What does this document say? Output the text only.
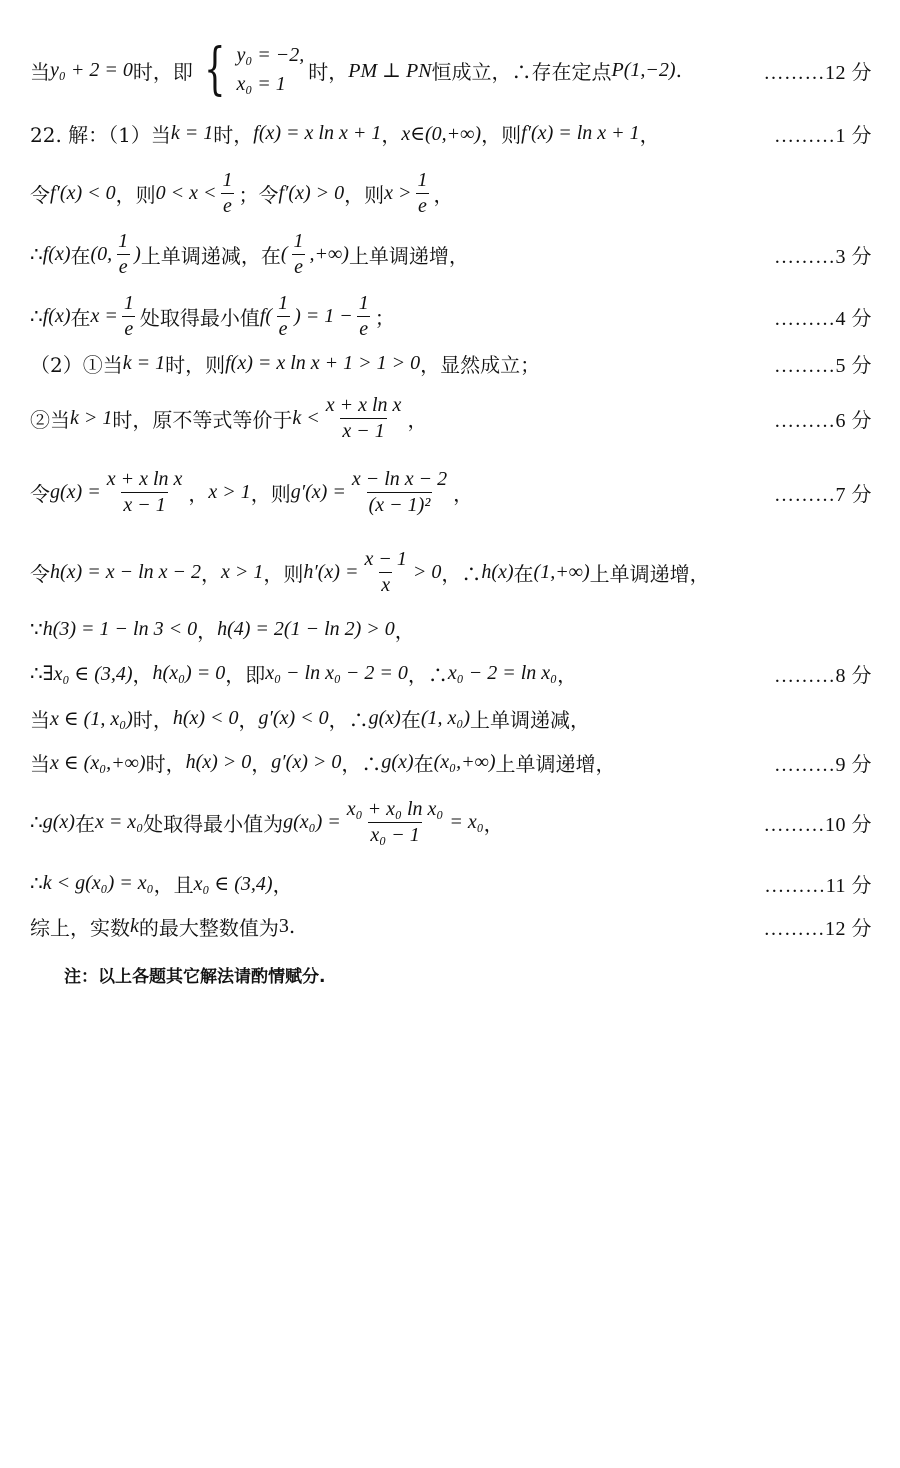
当 y₀ + 2 = 0 时，即 { y₀ = −2,
x₀ = 1
时， PM ⊥ PN 恒成立，∴存在定点 P(1,−2) .	………12 分
22. 解：（1）当 k = 1 时， f(x) = x ln x + 1 ， x∈(0,+∞) ，则 f′(x) = ln x + 1 ，	………1 分
令 f′(x) < 0 ，则 $0 < x < \frac{1}{e}$ ；令 f′(x) > 0 ，则 $x > \frac{1}{e}$ ，
∴ f(x) 在 (0, $\frac{1}{e}$ ) 上单调递减，在 ( $\frac{1}{e}$ ,+∞) 上单调递增，	………3 分
∴ f(x) 在 $x = \frac{1}{e}$ 处取得最小值 $f( \frac{1}{e}$ ) = $1 - \frac{1}{e}$ ；	………4 分
（2）①当 k = 1 时，则 f(x) = x ln x + 1 > 1 > 0 ，显然成立；	………5 分
②当 k > 1 时，原不等式等价于 $k < \frac{\text{x + x ln x}}{x - 1}$ ，	………6 分
令 $g(x) = \frac{\text{x + x ln x}}{x - 1}$ ， x > 1 ，则 $g'(x) = \frac{\text{x − ln x − 2}}{\text{(x − 1)²}}$ ，	………7 分
令 h(x) = x − ln x − 2 ， x > 1 ，则 $h'(x) = \frac{x - 1}{x} > 0$ ，∴ h(x) 在 (1,+∞) 上单调递增，
∵ h(3) = 1 − ln 3 < 0 ， h(4) = 2(1 − ln 2) > 0 ，
∴ ∃x₀ ∈ (3,4) ， h(x₀) = 0 ，即 x₀ − ln x₀ − 2 = 0 ，∴ x₀ − 2 = ln x₀ ，	………8 分
当 x ∈ (1, x₀) 时， h(x) < 0 ， g′(x) < 0 ，∴ g(x) 在 (1, x₀) 上单调递减，
当 x ∈ (x₀,+∞) 时， h(x) > 0 ， g′(x) > 0 ，∴ g(x) 在 (x₀,+∞) 上单调递增，	………9 分
∴ g(x) 在 x = x₀ 处取得最小值为 $g(x_0) = \frac{\text{x₀ + x₀ ln x₀}}{\text{x₀ − 1}} = x_0$ ，	………10 分
∴ k < g(x₀) = x₀ ，且 x₀ ∈ (3,4) ，	………11 分
综上，实数 k 的最大整数值为 3 .	………12 分
注：以上各题其它解法请酌情赋分.
